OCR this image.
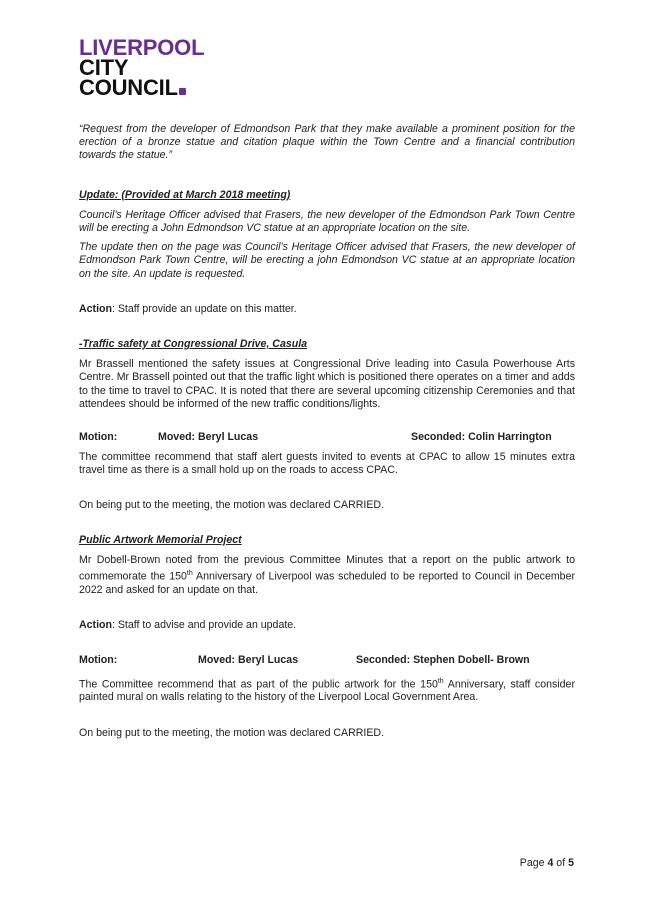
LIVERPOOL
CITY
COUNCIL

“Request from the developer of Edmondson Park that they make available a prominent position for the erection of a bronze statue and citation plaque within the Town Centre and a financial contribution towards the statue.”

Update: (Provided at March 2018 meeting)

Council’s Heritage Officer advised that Frasers, the new developer of the Edmondson Park Town Centre will be erecting a John Edmondson VC statue at an appropriate location on the site.

The update then on the page was Council’s Heritage Officer advised that Frasers, the new developer of Edmondson Park Town Centre, will be erecting a john Edmondson VC statue at an appropriate location on the site. An update is requested.

Action: Staff provide an update on this matter.

-Traffic safety at Congressional Drive, Casula

Mr Brassell mentioned the safety issues at Congressional Drive leading into Casula Powerhouse Arts Centre. Mr Brassell pointed out that the traffic light which is positioned there operates on a timer and adds to the time to travel to CPAC. It is noted that there are several upcoming citizenship Ceremonies and that attendees should be informed of the new traffic conditions/lights.

Motion:	Moved: Beryl Lucas	Seconded: Colin Harrington

The committee recommend that staff alert guests invited to events at CPAC to allow 15 minutes extra travel time as there is a small hold up on the roads to access CPAC.

On being put to the meeting, the motion was declared CARRIED.

Public Artwork Memorial Project

Mr Dobell-Brown noted from the previous Committee Minutes that a report on the public artwork to commemorate the 150th Anniversary of Liverpool was scheduled to be reported to Council in December 2022 and asked for an update on that.

Action: Staff to advise and provide an update.

Motion:	Moved: Beryl Lucas	Seconded: Stephen Dobell- Brown

The Committee recommend that as part of the public artwork for the 150th Anniversary, staff consider painted mural on walls relating to the history of the Liverpool Local Government Area.

On being put to the meeting, the motion was declared CARRIED.

Page 4 of 5
